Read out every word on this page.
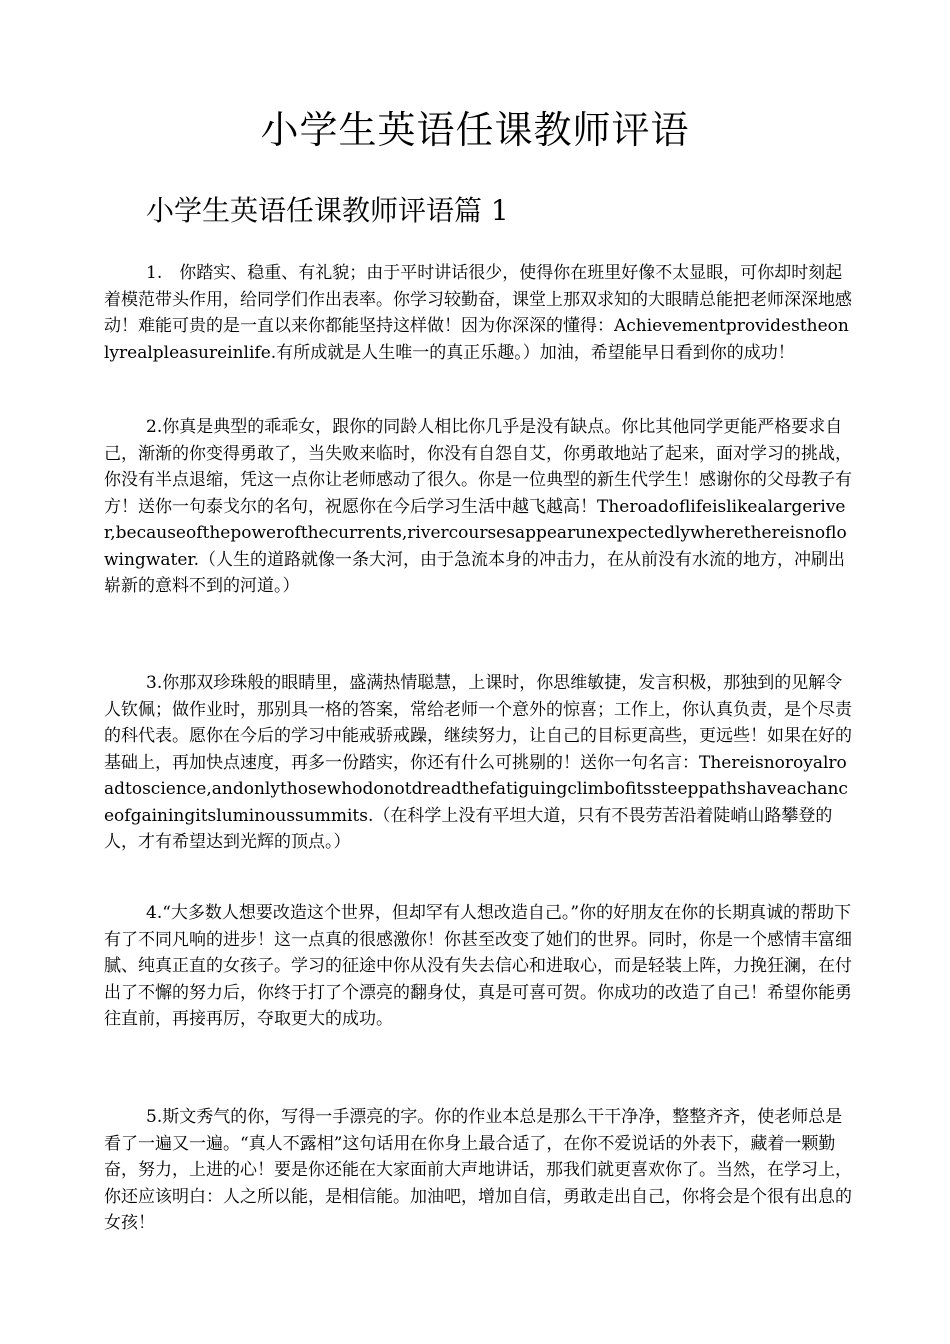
小学生英语任课教师评语
小学生英语任课教师评语篇 1

1.　你踏实、稳重、有礼貌；由于平时讲话很少，使得你在班里好像不太显眼，可你却时刻起着模范带头作用，给同学们作出表率。你学习较勤奋，课堂上那双求知的大眼睛总能把老师深深地感动！难能可贵的是一直以来你都能坚持这样做！因为你深深的懂得：Achievementprovidestheonlyrealpleasureinlife.有所成就是人生唯一的真正乐趣。）加油，希望能早日看到你的成功！

2.你真是典型的乖乖女，跟你的同龄人相比你几乎是没有缺点。你比其他同学更能严格要求自己，渐渐的你变得勇敢了，当失败来临时，你没有自怨自艾，你勇敢地站了起来，面对学习的挑战，你没有半点退缩，凭这一点你让老师感动了很久。你是一位典型的新生代学生！感谢你的父母教子有方！送你一句泰戈尔的名句，祝愿你在今后学习生活中越飞越高！Theroadoflifeislikealargeriver,becauseofthepowerofthecurrents,rivercoursesappearunexpectedlywherethereisnoflowingwater.（人生的道路就像一条大河，由于急流本身的冲击力，在从前没有水流的地方，冲刷出崭新的意料不到的河道。）

3.你那双珍珠般的眼睛里，盛满热情聪慧，上课时，你思维敏捷，发言积极，那独到的见解令人钦佩；做作业时，那别具一格的答案，常给老师一个意外的惊喜；工作上，你认真负责，是个尽责的科代表。愿你在今后的学习中能戒骄戒躁，继续努力，让自己的目标更高些，更远些！如果在好的基础上，再加快点速度，再多一份踏实，你还有什么可挑剔的！送你一句名言：Thereisnoroyalroadtoscience,andonlythosewhodonotdreadthefatiguingclimbofitssteeppathshaveachanceofgainingitsluminoussummits.（在科学上没有平坦大道，只有不畏劳苦沿着陡峭山路攀登的人，才有希望达到光辉的顶点。）

4.“大多数人想要改造这个世界，但却罕有人想改造自己。”你的好朋友在你的长期真诚的帮助下有了不同凡响的进步！这一点真的很感激你！你甚至改变了她们的世界。同时，你是一个感情丰富细腻、纯真正直的女孩子。学习的征途中你从没有失去信心和进取心，而是轻装上阵，力挽狂澜，在付出了不懈的努力后，你终于打了个漂亮的翻身仗，真是可喜可贺。你成功的改造了自己！希望你能勇往直前，再接再厉，夺取更大的成功。

5.斯文秀气的你，写得一手漂亮的字。你的作业本总是那么干干净净，整整齐齐，使老师总是看了一遍又一遍。“真人不露相”这句话用在你身上最合适了，在你不爱说话的外表下，藏着一颗勤奋，努力，上进的心！要是你还能在大家面前大声地讲话，那我们就更喜欢你了。当然，在学习上，你还应该明白：人之所以能，是相信能。加油吧，增加自信，勇敢走出自己，你将会是个很有出息的女孩！
